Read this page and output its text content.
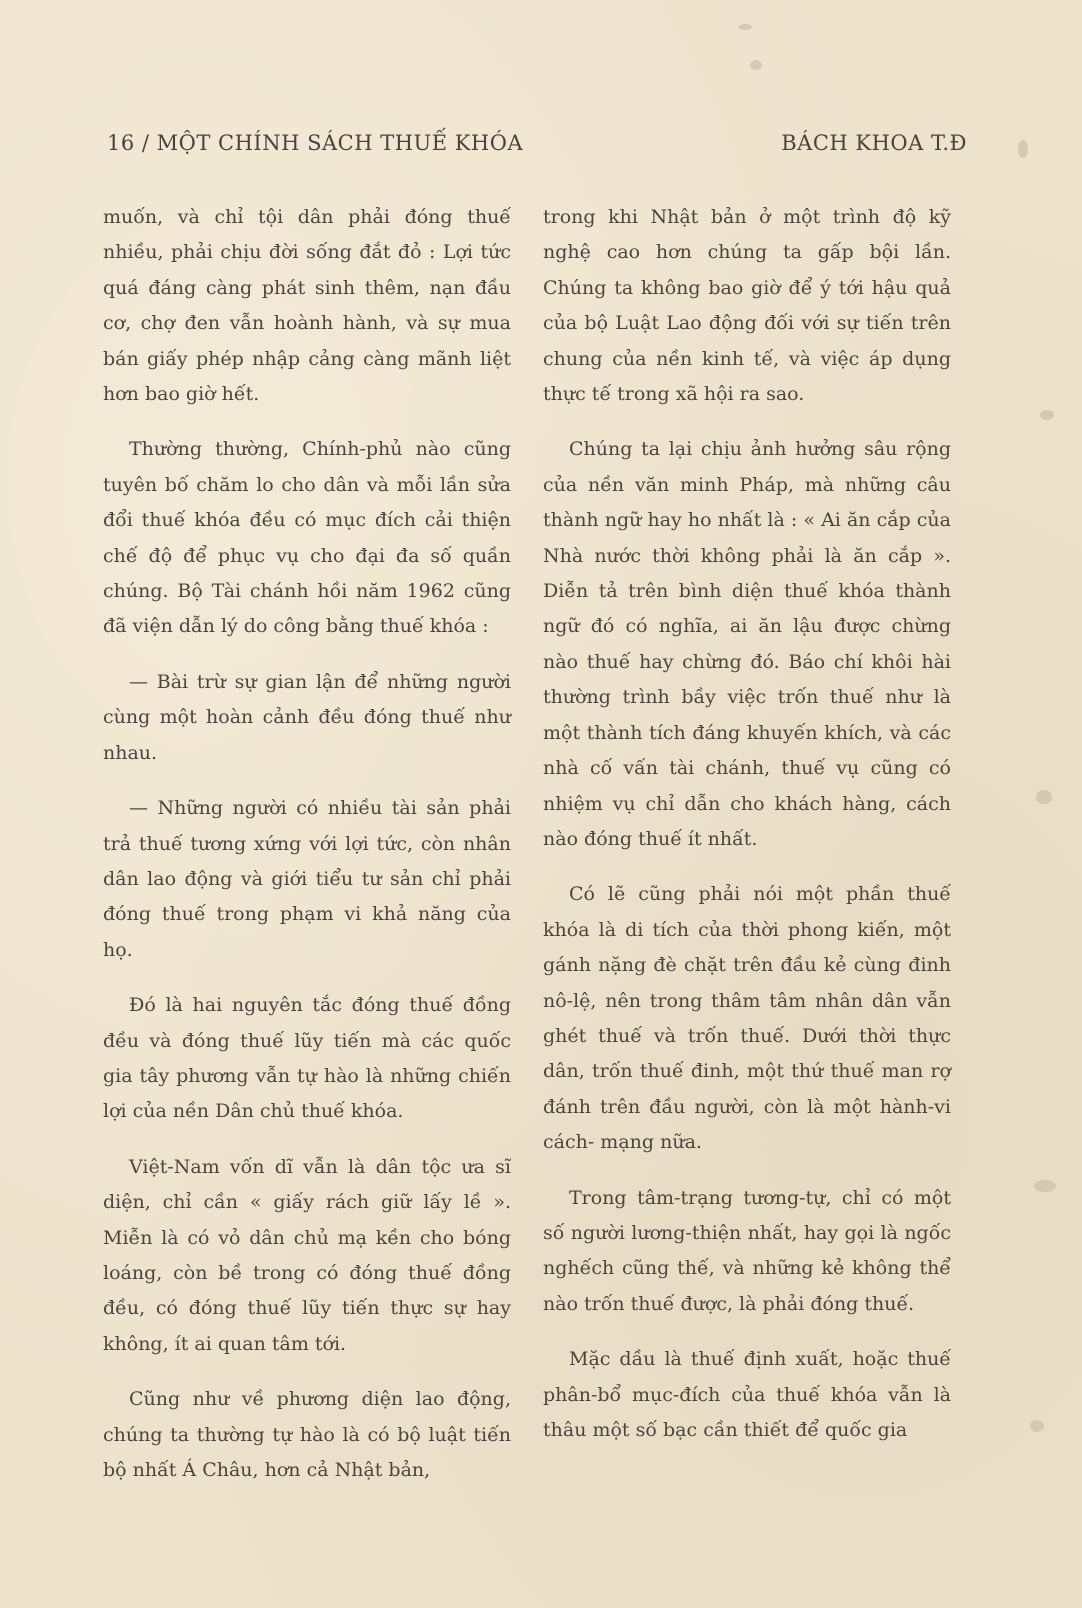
16 / MỘT CHÍNH SÁCH THUẾ KHÓA	BÁCH KHOA T.Đ

muốn, và chỉ tội dân phải đóng thuế nhiều, phải chịu đời sống đắt đỏ : Lợi tức quá đáng càng phát sinh thêm, nạn đầu cơ, chợ đen vẫn hoành hành, và sự mua bán giấy phép nhập cảng càng mãnh liệt hơn bao giờ hết.

Thường thường, Chính-phủ nào cũng tuyên bố chăm lo cho dân và mỗi lần sửa đổi thuế khóa đều có mục đích cải thiện chế độ để phục vụ cho đại đa số quần chúng. Bộ Tài chánh hồi năm 1962 cũng đã viện dẫn lý do công bằng thuế khóa :

— Bài trừ sự gian lận để những người cùng một hoàn cảnh đều đóng thuế như nhau.

— Những người có nhiều tài sản phải trả thuế tương xứng với lợi tức, còn nhân dân lao động và giới tiểu tư sản chỉ phải đóng thuế trong phạm vi khả năng của họ.

Đó là hai nguyên tắc đóng thuế đồng đều và đóng thuế lũy tiến mà các quốc gia tây phương vẫn tự hào là những chiến lợi của nền Dân chủ thuế khóa.

Việt-Nam vốn dĩ vẫn là dân tộc ưa sĩ diện, chỉ cần « giấy rách giữ lấy lề ». Miễn là có vỏ dân chủ mạ kền cho bóng loáng, còn bề trong có đóng thuế đồng đều, có đóng thuế lũy tiến thực sự hay không, ít ai quan tâm tới.

Cũng như về phương diện lao động, chúng ta thường tự hào là có bộ luật tiến bộ nhất Á Châu, hơn cả Nhật bản,

trong khi Nhật bản ở một trình độ kỹ nghệ cao hơn chúng ta gấp bội lần. Chúng ta không bao giờ để ý tới hậu quả của bộ Luật Lao động đối với sự tiến trên chung của nền kinh tế, và việc áp dụng thực tế trong xã hội ra sao.

Chúng ta lại chịu ảnh hưởng sâu rộng của nền văn minh Pháp, mà những câu thành ngữ hay ho nhất là : « Ai ăn cắp của Nhà nước thời không phải là ăn cắp ». Diễn tả trên bình diện thuế khóa thành ngữ đó có nghĩa, ai ăn lậu được chừng nào thuế hay chừng đó. Báo chí khôi hài thường trình bầy việc trốn thuế như là một thành tích đáng khuyến khích, và các nhà cố vấn tài chánh, thuế vụ cũng có nhiệm vụ chỉ dẫn cho khách hàng, cách nào đóng thuế ít nhất.

Có lẽ cũng phải nói một phần thuế khóa là di tích của thời phong kiến, một gánh nặng đè chặt trên đầu kẻ cùng đinh nô-lệ, nên trong thâm tâm nhân dân vẫn ghét thuế và trốn thuế. Dưới thời thực dân, trốn thuế đinh, một thứ thuế man rợ đánh trên đầu người, còn là một hành-vi cách- mạng nữa.

Trong tâm-trạng tương-tự, chỉ có một số người lương-thiện nhất, hay gọi là ngốc nghếch cũng thế, và những kẻ không thể nào trốn thuế được, là phải đóng thuế.

Mặc dầu là thuế định xuất, hoặc thuế phân-bổ mục-đích của thuế khóa vẫn là thâu một số bạc cần thiết để quốc gia
